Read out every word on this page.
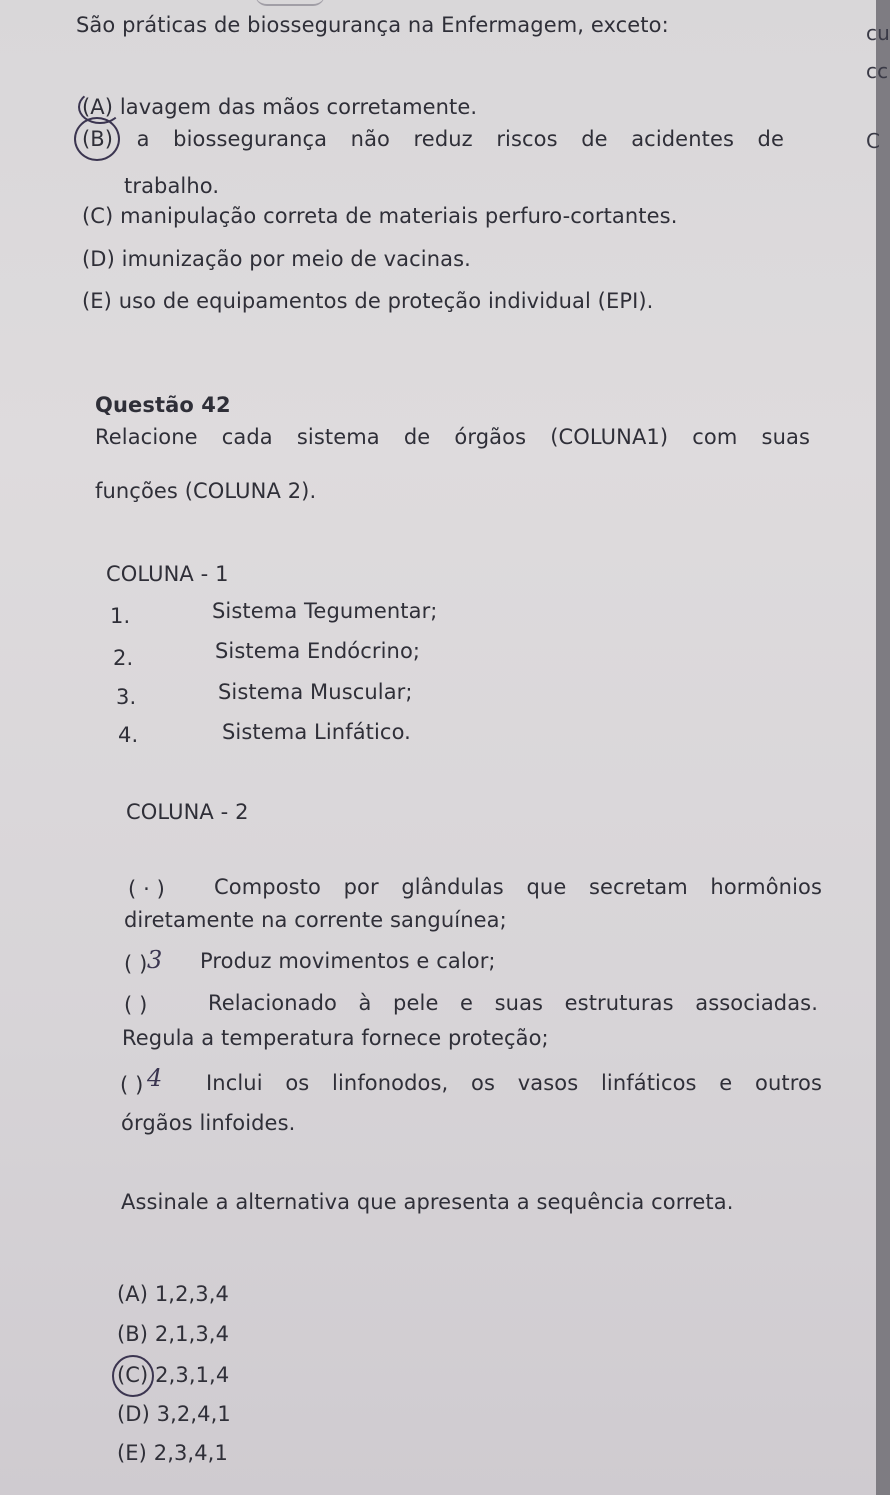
São práticas de biossegurança na Enfermagem, exceto:	cu
cc
C
(A) lavagem das mãos corretamente.
(B) a biossegurança não reduz riscos de acidentes de
trabalho.
(C) manipulação correta de materiais perfuro-cortantes.
(D) imunização por meio de vacinas.
(E) uso de equipamentos de proteção individual (EPI).
Questão 42
Relacione cada sistema de órgãos (COLUNA1) com suas
funções (COLUNA 2).
COLUNA - 1
1.	Sistema Tegumentar;
2.	Sistema Endócrino;
3.	Sistema Muscular;
4.	Sistema Linfático.
COLUNA - 2
( · ) Composto por glândulas que secretam hormônios
diretamente na corrente sanguínea;
( ) 3 Produz movimentos e calor;
( )	Relacionado à pele e suas estruturas associadas.
Regula a temperatura fornece proteção;
( ) 4 Inclui os linfonodos, os vasos linfáticos e outros
órgãos linfoides.
Assinale a alternativa que apresenta a sequência correta.
(A) 1,2,3,4
(B) 2,1,3,4
(C) 2,3,1,4
(D) 3,2,4,1
(E) 2,3,4,1
